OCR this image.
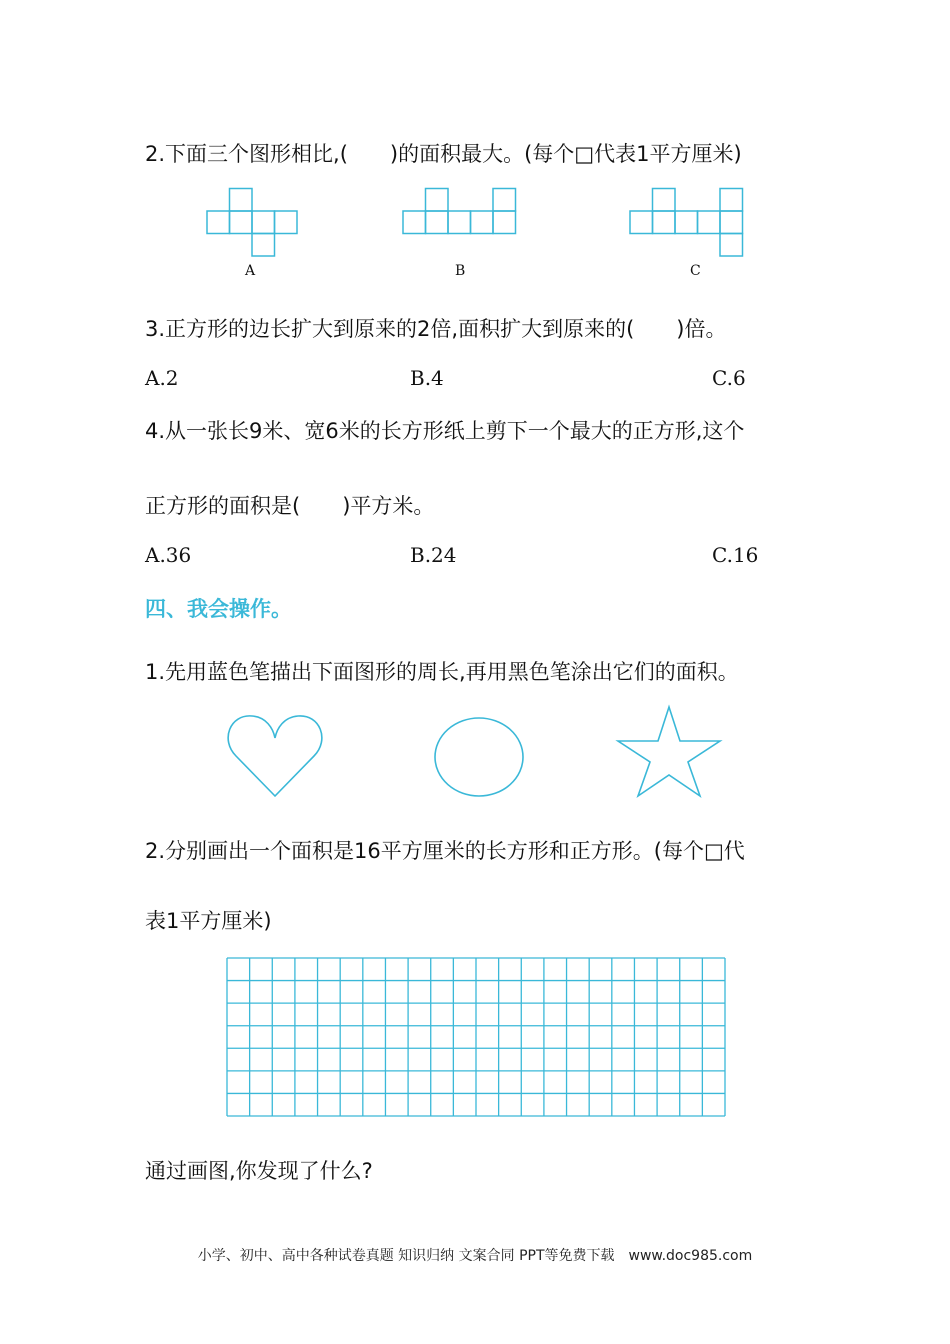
2.下面三个图形相比,(　　)的面积最大。(每个□代表1平方厘米)
A	B	C
3.正方形的边长扩大到原来的2倍,面积扩大到原来的(　　)倍。
A.2	B.4	C.6
4.从一张长9米、宽6米的长方形纸上剪下一个最大的正方形,这个
正方形的面积是(　　)平方米。
A.36	B.24	C.16
四、我会操作。
1.先用蓝色笔描出下面图形的周长,再用黑色笔涂出它们的面积。
2.分别画出一个面积是16平方厘米的长方形和正方形。(每个□代
表1平方厘米)
通过画图,你发现了什么?
小学、初中、高中各种试卷真题 知识归纳 文案合同 PPT等免费下载　www.doc985.com
